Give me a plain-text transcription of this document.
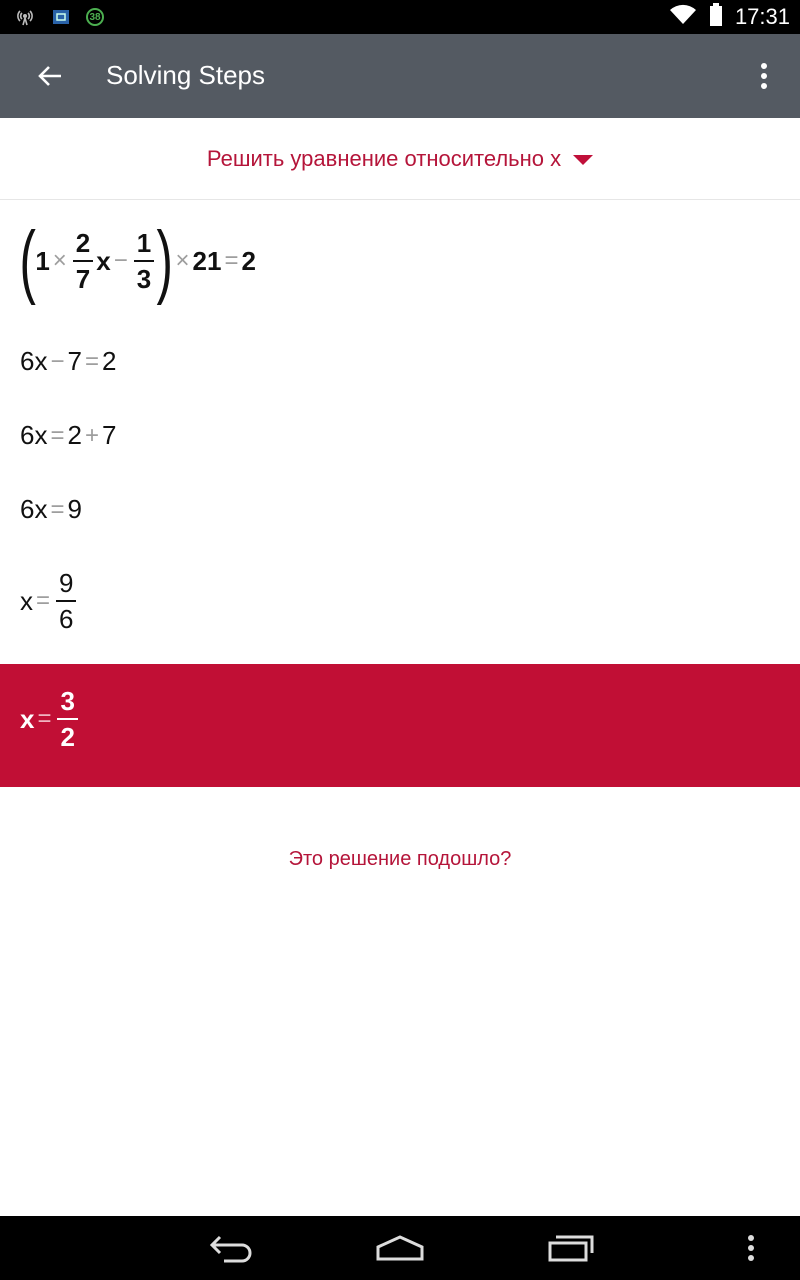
38	17:31
Solving Steps
Решить уравнение относительно x
( $1 \times \frac{2}{7}$ $x - \frac{1}{3}$ ) × 21 = 2
6x − 7 = 2
6x = 2 + 7
6x = 9
$x = \frac{9}{6}$
$x = \frac{3}{2}$
Это решение подошло?
